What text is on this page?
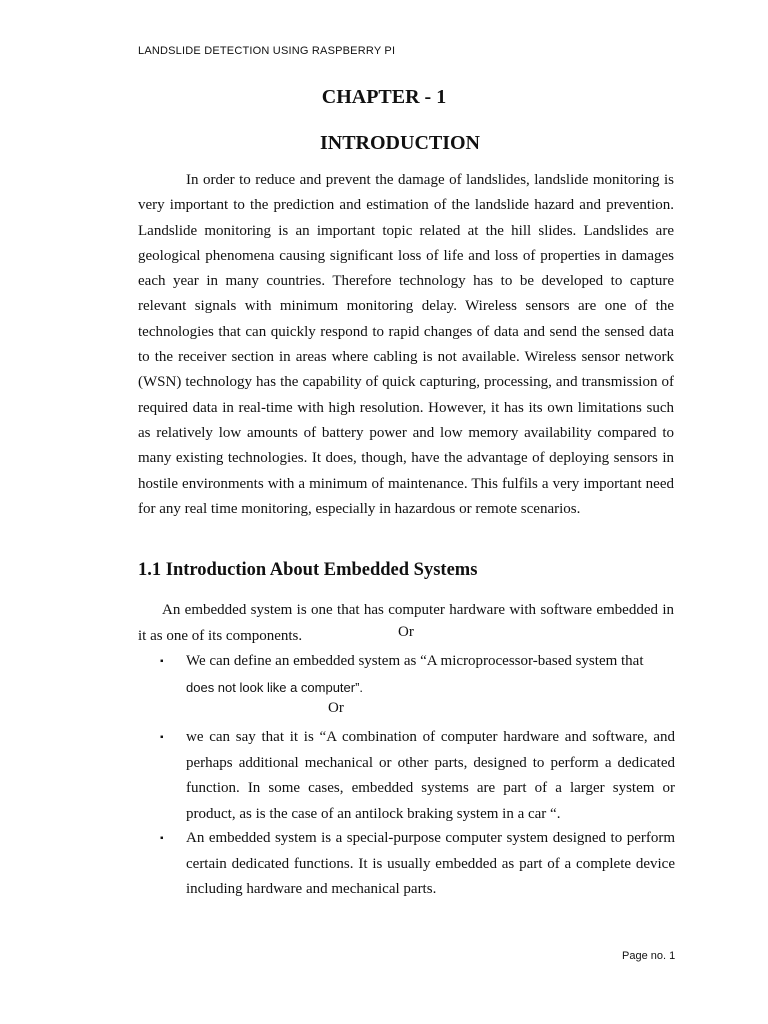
LANDSLIDE DETECTION USING RASPBERRY PI
CHAPTER - 1
INTRODUCTION

In order to reduce and prevent the damage of landslides, landslide monitoring is very important to the prediction and estimation of the landslide hazard and prevention. Landslide monitoring is an important topic related at the hill slides. Landslides are geological phenomena causing significant loss of life and loss of properties in damages each year in many countries. Therefore technology has to be developed to capture relevant signals with minimum monitoring delay. Wireless sensors are one of the technologies that can quickly respond to rapid changes of data and send the sensed data to the receiver section in areas where cabling is not available. Wireless sensor network (WSN) technology has the capability of quick capturing, processing, and transmission of required data in real-time with high resolution. However, it has its own limitations such as relatively low amounts of battery power and low memory availability compared to many existing technologies. It does, though, have the advantage of deploying sensors in hostile environments with a minimum of maintenance. This fulfils a very important need for any real time monitoring, especially in hazardous or remote scenarios.

1.1 Introduction About Embedded Systems

An embedded system is one that has computer hardware with software embedded in it as one of its components.	Or
▪ We can define an embedded system as “A microprocessor-based system that
does not look like a computer”.

Or
▪ we can say that it is “A combination of computer hardware and software, and perhaps additional mechanical or other parts, designed to perform a dedicated function. In some cases, embedded systems are part of a larger system or product, as is the case of an antilock braking system in a car “.

▪ An embedded system is a special-purpose computer system designed to perform certain dedicated functions. It is usually embedded as part of a complete device including hardware and mechanical parts.

Page no. 1
